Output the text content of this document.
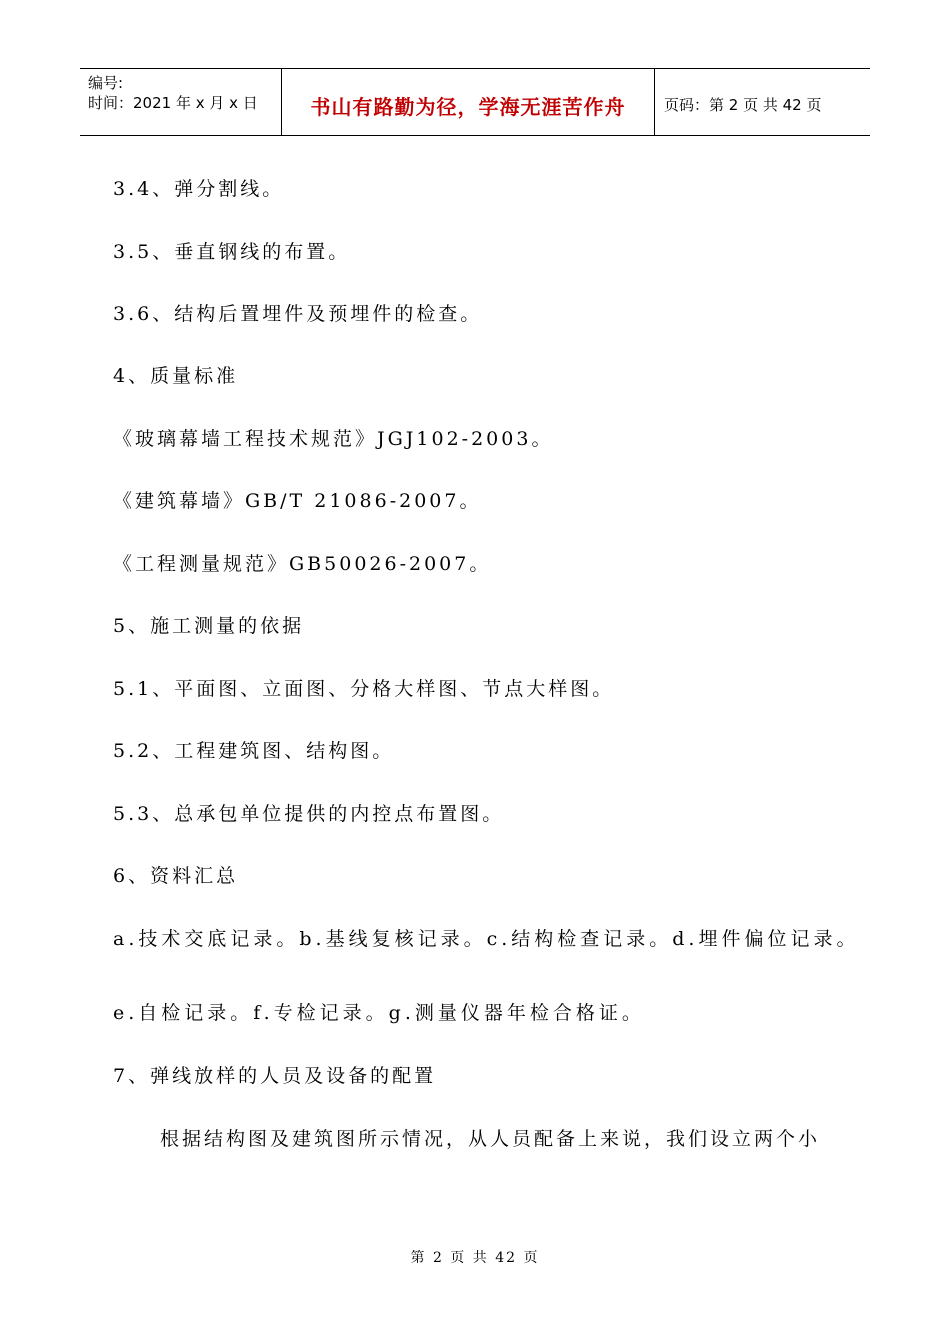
编号:
时间：2021 年 x 月 x 日	书山有路勤为径，学海无涯苦作舟	页码：第 2 页 共 42 页
3.4、弹分割线。
3.5、垂直钢线的布置。
3.6、结构后置埋件及预埋件的检查。
4、质量标准
《玻璃幕墙工程技术规范》JGJ102-2003。
《建筑幕墙》GB/T 21086-2007。
《工程测量规范》GB50026-2007。
5、施工测量的依据
5.1、平面图、立面图、分格大样图、节点大样图。
5.2、工程建筑图、结构图。
5.3、总承包单位提供的内控点布置图。
6、资料汇总
a.技术交底记录。b.基线复核记录。c.结构检查记录。d.埋件偏位记录。
e.自检记录。f.专检记录。g.测量仪器年检合格证。
7、弹线放样的人员及设备的配置
根据结构图及建筑图所示情况，从人员配备上来说，我们设立两个小
第 2 页 共 42 页
